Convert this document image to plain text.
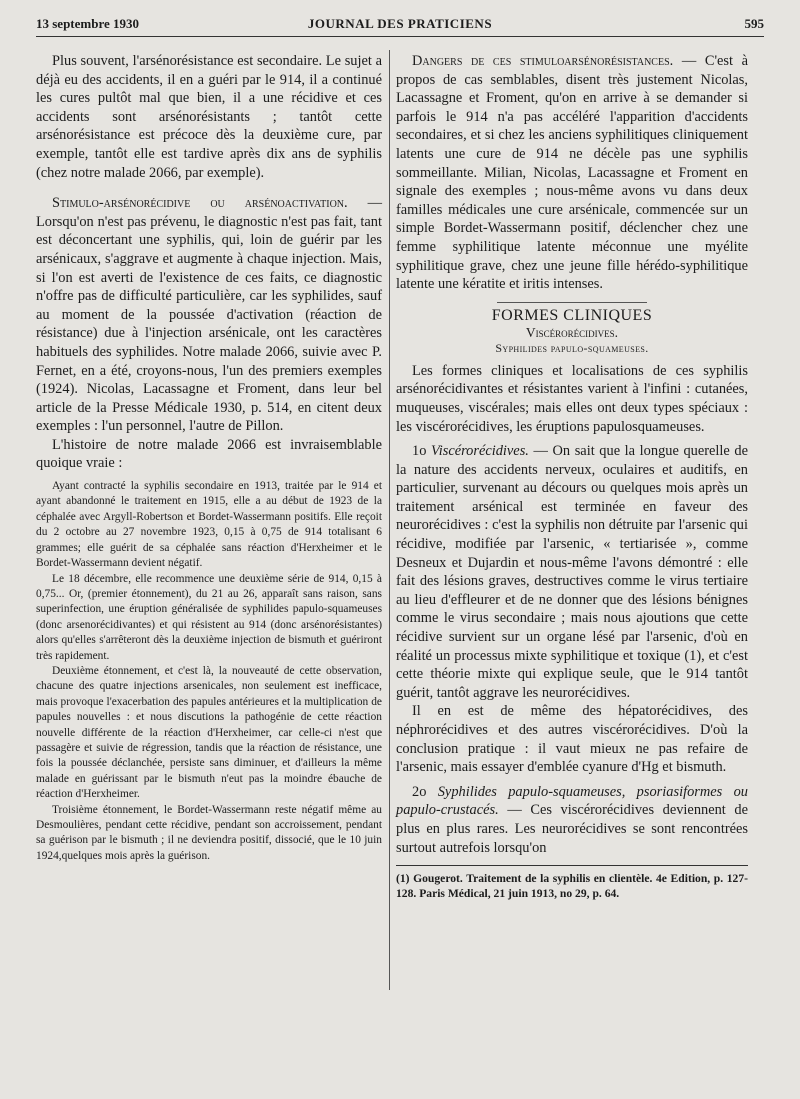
13 septembre 1930	JOURNAL DES PRATICIENS	595

Plus souvent, l'arsénorésistance est secondaire. Le sujet a déjà eu des accidents, il en a guéri par le 914, il a continué les cures pultôt mal que bien, il a une récidive et ces accidents sont arsénorésistants ; tantôt cette arsénorésistance est précoce dès la deuxième cure, par exemple, tantôt elle est tardive après dix ans de syphilis (chez notre malade 2066, par exemple).

Stimulo-arsénorécidive ou arsénoactivation. — Lorsqu'on n'est pas prévenu, le diagnostic n'est pas fait, tant est déconcertant une syphilis, qui, loin de guérir par les arsénicaux, s'aggrave et augmente à chaque injection. Mais, si l'on est averti de l'existence de ces faits, ce diagnostic n'offre pas de difficulté particulière, car les syphilides, sauf au moment de la poussée d'activation (réaction de résistance) due à l'injection arsénicale, ont les caractères habituels des syphilides. Notre malade 2066, suivie avec P. Fernet, en a été, croyons-nous, l'un des premiers exemples (1924). Nicolas, Lacassagne et Froment, dans leur bel article de la Presse Médicale 1930, p. 514, en citent deux exemples : l'un personnel, l'autre de Pillon.

L'histoire de notre malade 2066 est invraisemblable quoique vraie :

Ayant contracté la syphilis secondaire en 1913, traitée par le 914 et ayant abandonné le traitement en 1915, elle a au début de 1923 de la céphalée avec Argyll-Robertson et Bordet-Wassermann positifs. Elle reçoit du 2 octobre au 27 novembre 1923, 0,15 à 0,75 de 914 totalisant 6 grammes; elle guérit de sa céphalée sans réaction d'Herxheimer et le Bordet-Wassermann devient négatif.

Le 18 décembre, elle recommence une deuxième série de 914, 0,15 à 0,75... Or, (premier étonnement), du 21 au 26, apparaît sans raison, sans superinfection, une éruption généralisée de syphilides papulo-squameuses (donc arsenorécidivantes) et qui résistent au 914 (donc arsénorésistantes) alors qu'elles s'arrêteront dès la deuxième injection de bismuth et guériront très rapidement.

Deuxième étonnement, et c'est là, la nouveauté de cette observation, chacune des quatre injections arsenicales, non seulement est inefficace, mais provoque l'exacerbation des papules antérieures et la multiplication de papules nouvelles : et nous discutions la pathogénie de cette réaction nouvelle différente de la réaction d'Herxheimer, car celle-ci n'est que passagère et suivie de régression, tandis que la réaction de résistance, une fois la poussée déclanchée, persiste sans diminuer, et d'ailleurs la même malade en guérissant par le bismuth n'eut pas la moindre ébauche de réaction d'Herxheimer.

Troisième étonnement, le Bordet-Wassermann reste négatif même au Desmoulières, pendant cette récidive, pendant son accroissement, pendant sa guérison par le bismuth ; il ne deviendra positif, dissocié, que le 10 juin 1924,quelques mois après la guérison.

Dangers de ces stimuloarsénorésistances. — C'est à propos de cas semblables, disent très justement Nicolas, Lacassagne et Froment, qu'on en arrive à se demander si parfois le 914 n'a pas accéléré l'apparition d'accidents secondaires, et si chez les anciens syphilitiques cliniquement latents une cure de 914 ne décèle pas une syphilis sommeillante. Milian, Nicolas, Lacassagne et Froment en signale des exemples ; nous-même avons vu dans deux familles médicales une cure arsénicale, commencée sur un simple Bordet-Wassermann positif, déclencher chez une femme syphilitique latente méconnue une myélite syphilitique grave, chez une jeune fille hérédo-syphilitique latente une kératite et iritis intenses.

FORMES CLINIQUES
Viscérorécidives.
Syphilides papulo-squameuses.

Les formes cliniques et localisations de ces syphilis arsénorécidivantes et résistantes varient à l'infini : cutanées, muqueuses, viscérales; mais elles ont deux types spéciaux : les viscérorécidives, les éruptions papulosquameuses.

1o Viscérorécidives. — On sait que la longue querelle de la nature des accidents nerveux, oculaires et auditifs, en particulier, survenant au décours ou quelques mois après un traitement arsénical est terminée en faveur des neurorécidives : c'est la syphilis non détruite par l'arsenic qui récidive, modifiée par l'arsenic, « tertiarisée », comme Desneux et Dujardin et nous-même l'avons démontré : elle fait des lésions graves, destructives comme le virus tertiaire au lieu d'effleurer et de ne donner que des lésions bénignes comme le virus secondaire ; mais nous ajoutions que cette récidive survient sur un organe lésé par l'arsenic, d'où en réalité un processus mixte syphilitique et toxique (1), et c'est cette théorie mixte qui explique seule, que le 914 tantôt guérit, tantôt aggrave les neurorécidives.

Il en est de même des hépatorécidives, des néphrorécidives et des autres viscérorécidives. D'où la conclusion pratique : il vaut mieux ne pas refaire de l'arsenic, mais essayer d'emblée cyanure d'Hg et bismuth.

2o Syphilides papulo-squameuses, psoriasiformes ou papulo-crustacés. — Ces viscérorécidives deviennent de plus en plus rares. Les neurorécidives se sont rencontrées surtout autrefois lorsqu'on

(1) Gougerot. Traitement de la syphilis en clientèle. 4e Edition, p. 127-128. Paris Médical, 21 juin 1913, no 29, p. 64.
